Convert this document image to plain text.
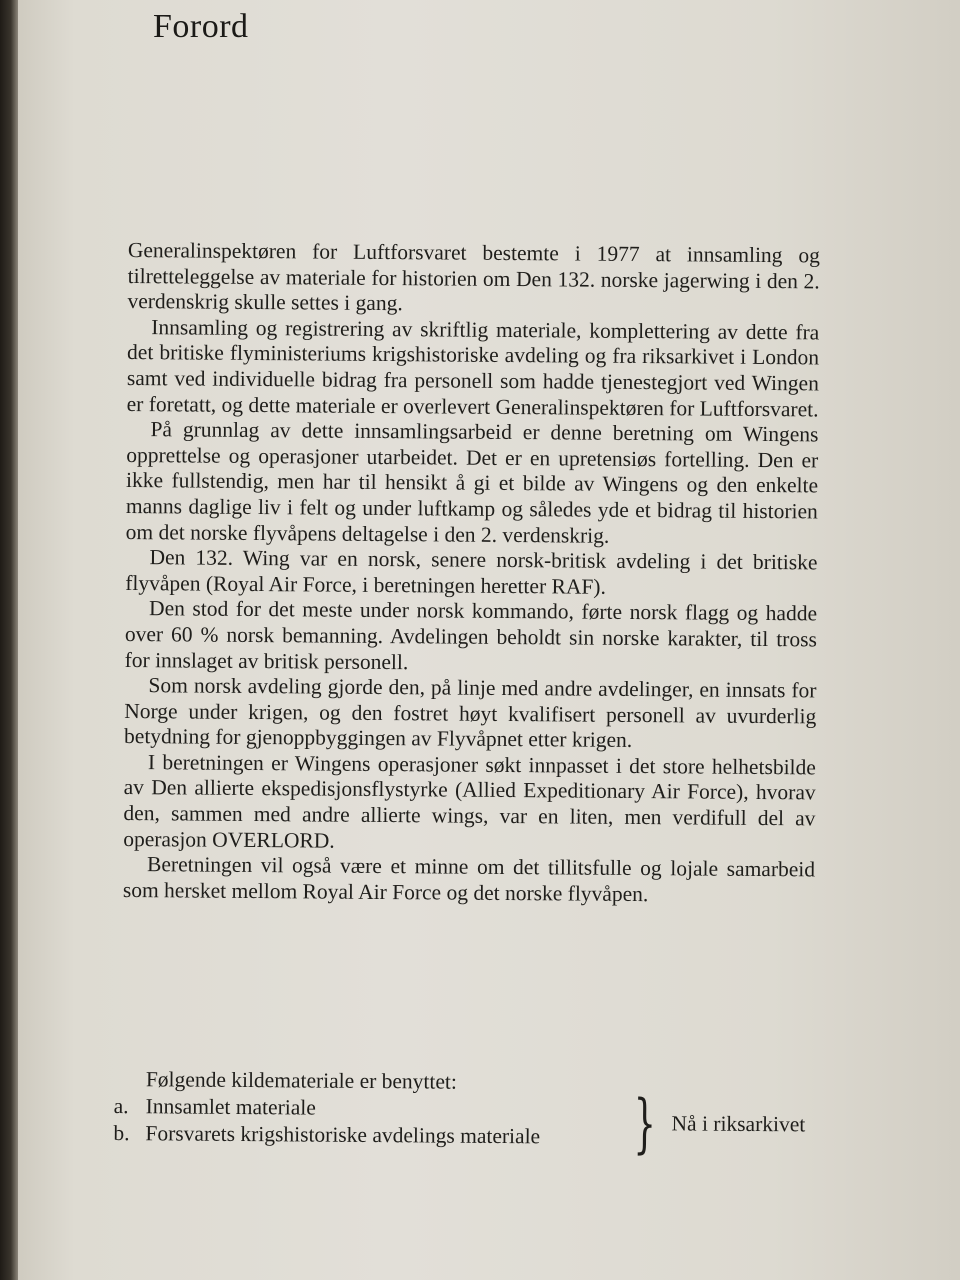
Forord

Generalinspektøren for Luftforsvaret bestemte i 1977 at innsamling og tilretteleggelse av materiale for historien om Den 132. norske jagerwing i den 2. verdenskrig skulle settes i gang.

Innsamling og registrering av skriftlig materiale, komplettering av dette fra det britiske flyministeriums krigshistoriske avdeling og fra riksarkivet i London samt ved individuelle bidrag fra personell som hadde tjenestegjort ved Wingen er foretatt, og dette materiale er overlevert Generalinspektøren for Luftforsvaret.

På grunnlag av dette innsamlingsarbeid er denne beretning om Wingens opprettelse og operasjoner utarbeidet. Det er en upretensiøs fortelling. Den er ikke fullstendig, men har til hensikt å gi et bilde av Wingens og den enkelte manns daglige liv i felt og under luftkamp og således yde et bidrag til historien om det norske flyvåpens deltagelse i den 2. verdenskrig.

Den 132. Wing var en norsk, senere norsk-britisk avdeling i det britiske flyvåpen (Royal Air Force, i beretningen heretter RAF).

Den stod for det meste under norsk kommando, førte norsk flagg og hadde over 60 % norsk bemanning. Avdelingen beholdt sin norske karakter, til tross for innslaget av britisk personell.

Som norsk avdeling gjorde den, på linje med andre avdelinger, en innsats for Norge under krigen, og den fostret høyt kvalifisert personell av uvurderlig betydning for gjenoppbyggingen av Flyvåpnet etter krigen.

I beretningen er Wingens operasjoner søkt innpasset i det store helhetsbilde av Den allierte ekspedisjonsflystyrke (Allied Expeditionary Air Force), hvorav den, sammen med andre allierte wings, var en liten, men verdifull del av operasjon OVERLORD.

Beretningen vil også være et minne om det tillitsfulle og lojale samarbeid som hersket mellom Royal Air Force og det norske flyvåpen.

Følgende kildemateriale er benyttet:
a. Innsamlet materiale
b. Forsvarets krigshistoriske avdelings materiale } Nå i riksarkivet
